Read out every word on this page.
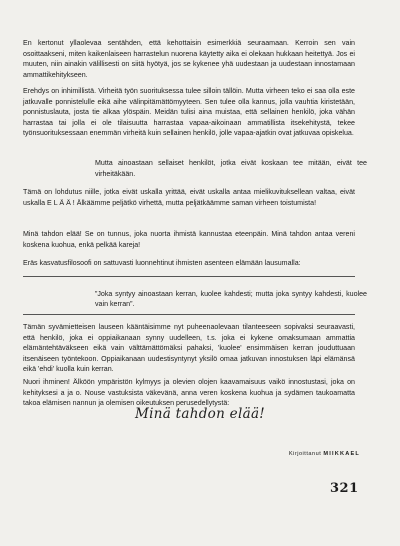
En kertonut yllaolevaa sentähden, että kehottaisin esimerkkiä seuraamaan. Kerroin sen vain osoittaakseni, miten kaikenlaiseen harrastelun nuorena käytetty aika ei olekaan hukkaan heitettyä. Jos ei muuten, niin ainakin välillisesti on siitä hyötyä, jos se kykenee yhä uudestaan ja uudestaan innostamaan ammattikehitykseen.

Erehdys on inhimillistä. Virheitä työn suorituksessa tulee silloin tällöin. Mutta virheen teko ei saa olla este jatkuvalle ponnistelulle eikä aihe välinpitämättömyyteen. Sen tulee olla kannus, jolla vauhtia kiristetään, ponnistuslauta, josta tie alkaa ylöspäin. Meidän tulisi aina muistaa, että sellainen henkilö, joka vähän harrastaa tai jolla ei ole tilaisuutta harrastaa vapaa-aikoinaan ammatillista itsekehitystä, tekee työnsuorituksessaan enemmän virheitä kuin sellainen henkilö, jolle vapaa-ajatkin ovat jatkuvaa opiskelua.

Mutta ainoastaan sellaiset henkilöt, jotka eivät koskaan tee mitään, eivät tee virheitäkään.

Tämä on lohdutus niille, jotka eivät uskalla yrittää, eivät uskalla antaa mielikuvituksellean valtaa, eivät uskalla E L Ä Ä ! Älkäämme peljätkö virhettä, mutta peljätkäämme saman virheen toistumista!

Minä tahdon elää! Se on tunnus, joka nuorta ihmistä kannustaa eteenpäin. Minä tahdon antaa vereni koskena kuohua, enkä pelkää kareja!

Eräs kasvatusfilosoofi on sattuvasti luonnehtinut ihmisten asenteen elämään lausumalla:

”Joka syntyy ainoastaan kerran, kuolee kahdesti; mutta joka syntyy kahdesti, kuolee vain kerran”.

Tämän syvämietteisen lauseen kääntäisimme nyt puheenaolevaan tilanteeseen sopivaksi seuraavasti, että henkilö, joka ei oppiaikanaan synny uudelleen, t.s. joka ei kykene omaksumaan ammattia elämäntehtäväkseen eikä vain välttämättömäksi pahaksi, 'kuolee' ensimmäisen kerran jouduttuaan itsenäiseen työntekoon. Oppiaikanaan uudestisyntynyt yksilö omaa jatkuvan innostuksen läpi elämänsä eikä 'ehdi' kuolla kuin kerran.

Nuori ihminen! Älköön ympäristön kylmyys ja olevien olojen kaavamaisuus vaikö innostustasi, joka on kehityksesi a ja o. Nouse vastuksista väkevänä, anna veren koskena kuohua ja sydämen taukoamatta takoa elämisen nannun ja olemisen oikeutuksen perusedellytystä:

Minä tahdon elää!
Kirjoittanut MIIKKAEL
321
